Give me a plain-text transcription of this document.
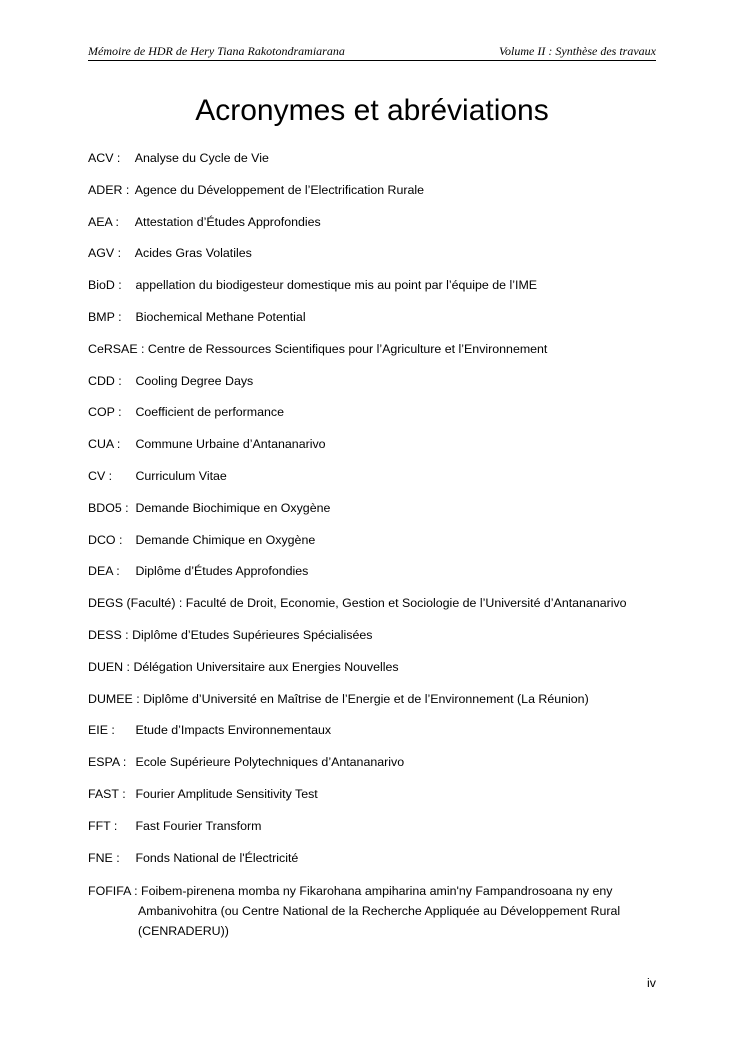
Mémoire de HDR de Hery Tiana Rakotondramiarana	Volume II : Synthèse des travaux
Acronymes et abréviations
ACV : Analyse du Cycle de Vie
ADER : Agence du Développement de l’Electrification Rurale
AEA : Attestation d’Études Approfondies
AGV : Acides Gras Volatiles
BioD : appellation du biodigesteur domestique mis au point par l’équipe de l’IME
BMP : Biochemical Methane Potential
CeRSAE : Centre de Ressources Scientifiques pour l’Agriculture et l’Environnement
CDD : Cooling Degree Days
COP : Coefficient de performance
CUA : Commune Urbaine d’Antananarivo
CV : Curriculum Vitae
BDO5 : Demande Biochimique en Oxygène
DCO : Demande Chimique en Oxygène
DEA : Diplôme d’Études Approfondies
DEGS (Faculté) : Faculté de Droit, Economie, Gestion et Sociologie de l’Université d’Antananarivo
DESS : Diplôme d’Etudes Supérieures Spécialisées
DUEN : Délégation Universitaire aux Energies Nouvelles
DUMEE : Diplôme d’Université en Maîtrise de l’Energie et de l’Environnement (La Réunion)
EIE : Etude d’Impacts Environnementaux
ESPA : Ecole Supérieure Polytechniques d’Antananarivo
FAST : Fourier Amplitude Sensitivity Test
FFT : Fast Fourier Transform
FNE : Fonds National de l'Électricité
FOFIFA : Foibem-pirenena momba ny Fikarohana ampiharina amin'ny Fampandrosoana ny eny Ambanivohitra (ou Centre National de la Recherche Appliquée au Développement Rural (CENRADERU))
iv
